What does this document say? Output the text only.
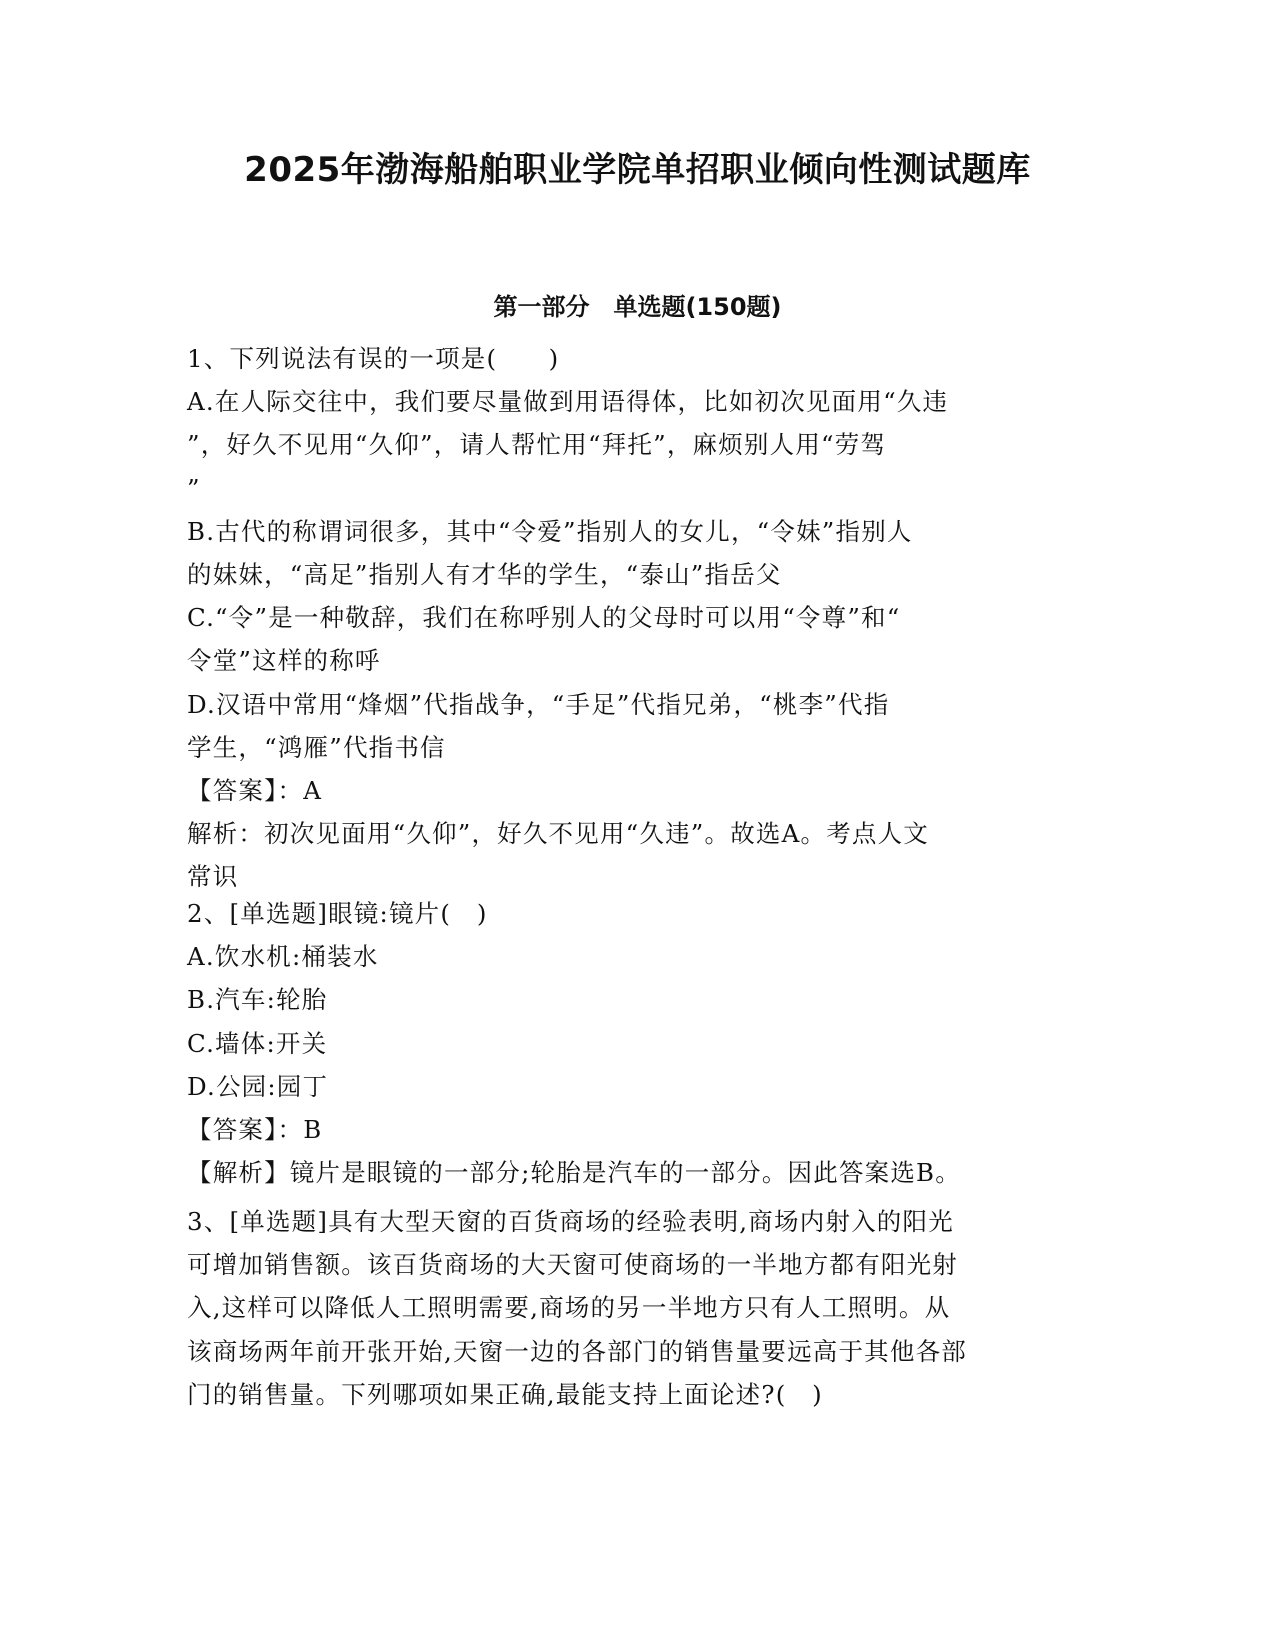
2025年渤海船舶职业学院单招职业倾向性测试题库
第一部分　单选题(150题)
1、下列说法有误的一项是(　　)
A.在人际交往中，我们要尽量做到用语得体，比如初次见面用“久违
”，好久不见用“久仰”，请人帮忙用“拜托”，麻烦别人用“劳驾
”
B.古代的称谓词很多，其中“令爱”指别人的女儿，“令妹”指别人
的妹妹，“高足”指别人有才华的学生，“泰山”指岳父
C.“令”是一种敬辞，我们在称呼别人的父母时可以用“令尊”和“
令堂”这样的称呼
D.汉语中常用“烽烟”代指战争，“手足”代指兄弟，“桃李”代指
学生，“鸿雁”代指书信
【答案】：A
解析：初次见面用“久仰”，好久不见用“久违”。故选A。考点人文
常识
2、[单选题]眼镜:镜片(　)
A.饮水机:桶装水
B.汽车:轮胎
C.墙体:开关
D.公园:园丁
【答案】：B
【解析】镜片是眼镜的一部分;轮胎是汽车的一部分。因此答案选B。
3、[单选题]具有大型天窗的百货商场的经验表明,商场内射入的阳光
可增加销售额。该百货商场的大天窗可使商场的一半地方都有阳光射
入,这样可以降低人工照明需要,商场的另一半地方只有人工照明。从
该商场两年前开张开始,天窗一边的各部门的销售量要远高于其他各部
门的销售量。下列哪项如果正确,最能支持上面论述?(　)
